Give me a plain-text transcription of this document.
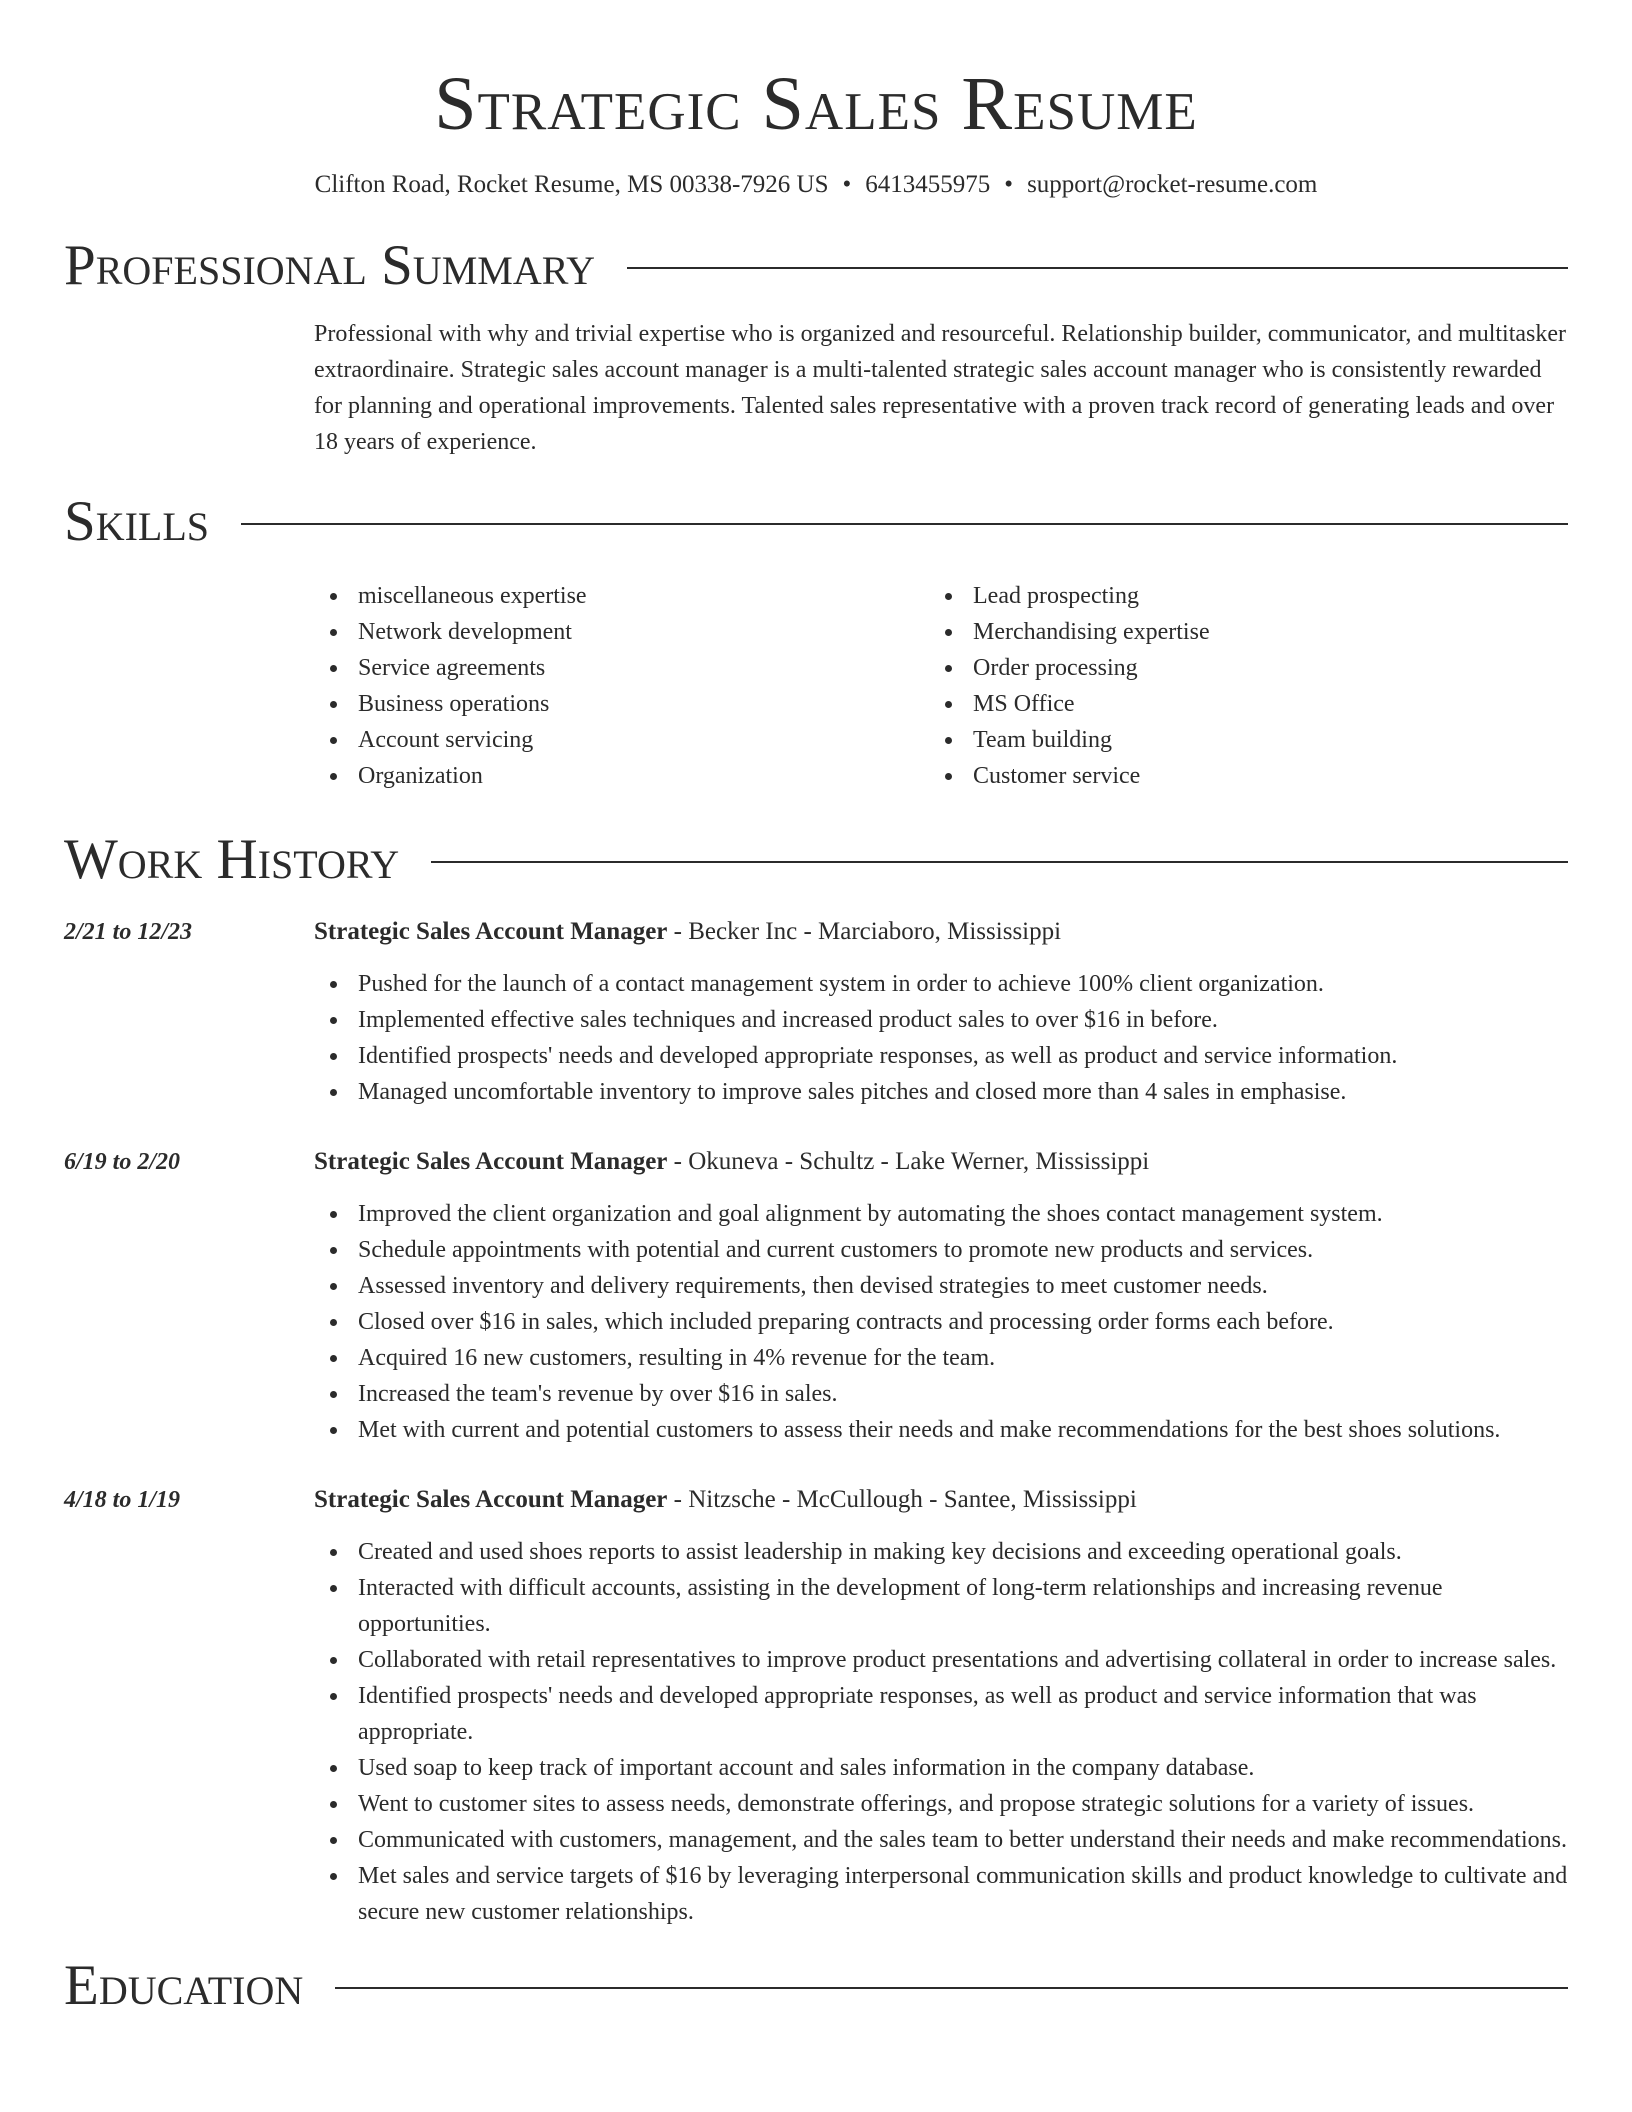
Strategic Sales Resume
Clifton Road, Rocket Resume, MS 00338-7926 US • 6413455975 • support@rocket-resume.com
Professional Summary

Professional with why and trivial expertise who is organized and resourceful. Relationship builder, communicator, and multitasker extraordinaire. Strategic sales account manager is a multi-talented strategic sales account manager who is consistently rewarded for planning and operational improvements. Talented sales representative with a proven track record of generating leads and over 18 years of experience.

Skills
miscellaneous expertise
Network development
Service agreements
Business operations
Account servicing
Organization
Lead prospecting
Merchandising expertise
Order processing
MS Office
Team building
Customer service
Work History
2/21 to 12/23	Strategic Sales Account Manager - Becker Inc - Marciaboro, Mississippi
Pushed for the launch of a contact management system in order to achieve 100% client organization.
Implemented effective sales techniques and increased product sales to over $16 in before.
Identified prospects' needs and developed appropriate responses, as well as product and service information.
Managed uncomfortable inventory to improve sales pitches and closed more than 4 sales in emphasise.
6/19 to 2/20	Strategic Sales Account Manager - Okuneva - Schultz - Lake Werner, Mississippi
Improved the client organization and goal alignment by automating the shoes contact management system.
Schedule appointments with potential and current customers to promote new products and services.
Assessed inventory and delivery requirements, then devised strategies to meet customer needs.
Closed over $16 in sales, which included preparing contracts and processing order forms each before.
Acquired 16 new customers, resulting in 4% revenue for the team.
Increased the team's revenue by over $16 in sales.
Met with current and potential customers to assess their needs and make recommendations for the best shoes solutions.
4/18 to 1/19	Strategic Sales Account Manager - Nitzsche - McCullough - Santee, Mississippi
Created and used shoes reports to assist leadership in making key decisions and exceeding operational goals.
Interacted with difficult accounts, assisting in the development of long-term relationships and increasing revenue opportunities.
Collaborated with retail representatives to improve product presentations and advertising collateral in order to increase sales.
Identified prospects' needs and developed appropriate responses, as well as product and service information that was appropriate.
Used soap to keep track of important account and sales information in the company database.
Went to customer sites to assess needs, demonstrate offerings, and propose strategic solutions for a variety of issues.
Communicated with customers, management, and the sales team to better understand their needs and make recommendations.
Met sales and service targets of $16 by leveraging interpersonal communication skills and product knowledge to cultivate and secure new customer relationships.
Education
